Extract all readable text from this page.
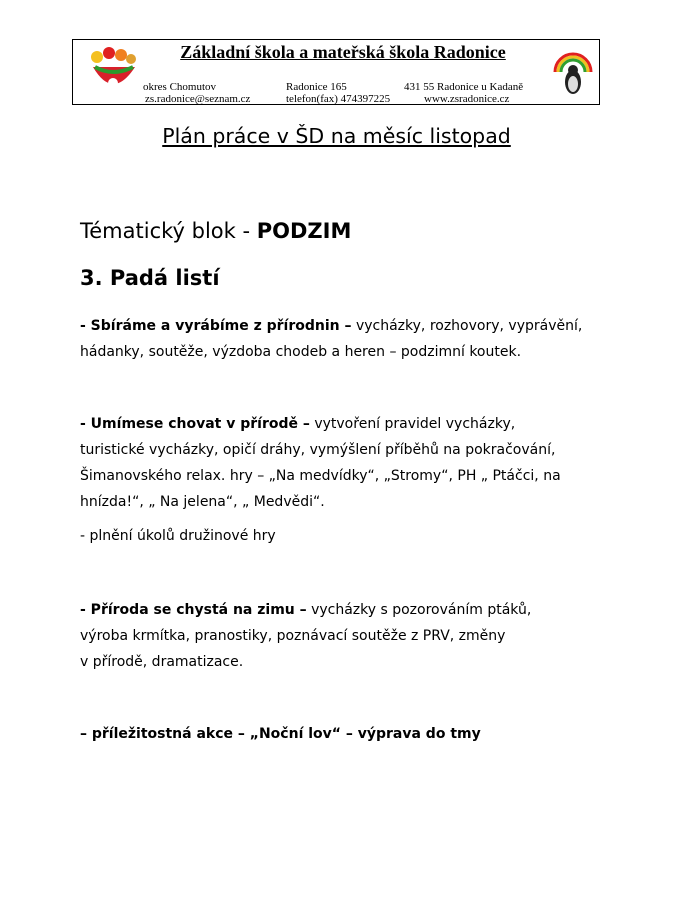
Základní škola a mateřská škola Radonice
okres Chomutov	Radonice 165	431 55 Radonice u Kadaně
zs.radonice@seznam.cz	telefon(fax) 474397225	www.zsradonice.cz
Plán práce v ŠD na měsíc listopad
Tématický blok - PODZIM
3. Padá listí
- Sbíráme a vyrábíme z přírodnin – vycházky, rozhovory, vyprávění,
hádanky, soutěže, výzdoba chodeb a heren – podzimní koutek.
- Umímese chovat v přírodě – vytvoření pravidel vycházky,
turistické vycházky, opičí dráhy, vymýšlení příběhů na pokračování,
Šimanovského relax. hry – „Na medvídky“, „Stromy“, PH „ Ptáčci, na
hnízda!“, „ Na jelena“, „ Medvědi“.
- plnění úkolů družinové hry
- Příroda se chystá na zimu – vycházky s pozorováním ptáků,
výroba krmítka, pranostiky, poznávací soutěže z PRV, změny
v přírodě, dramatizace.
– příležitostná akce – „Noční lov“ – výprava do tmy
